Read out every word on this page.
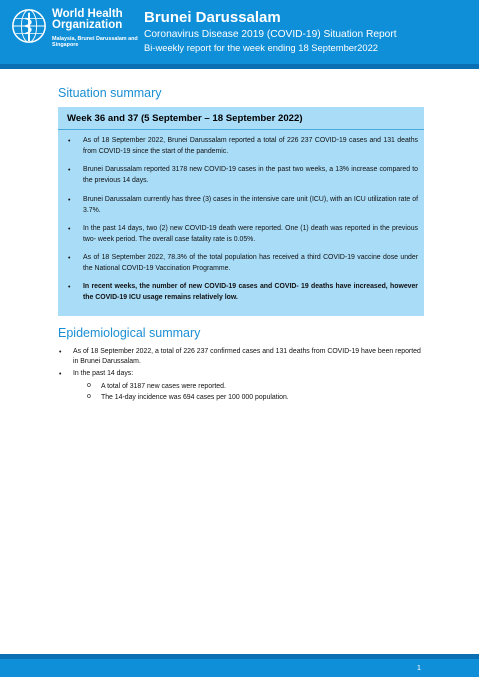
World Health
Organization
Malaysia, Brunei Darussalam and Singapore
Brunei Darussalam
Coronavirus Disease 2019 (COVID-19) Situation Report
Bi-weekly report for the week ending 18 September2022
Situation summary
Week 36 and 37 (5 September – 18 September 2022)
• As of 18 September 2022, Brunei Darussalam reported a total of 226 237 COVID-19 cases and 131 deaths from COVID-19 since the start of the pandemic.
• Brunei Darussalam reported 3178 new COVID-19 cases in the past two weeks, a 13% increase compared to the previous 14 days.
• Brunei Darussalam currently has three (3) cases in the intensive care unit (ICU), with an ICU utilization rate of 3.7%.
• In the past 14 days, two (2) new COVID-19 death were reported. One (1) death was reported in the previous two- week period. The overall case fatality rate is 0.05%.
• As of 18 September 2022, 78.3% of the total population has received a third COVID-19 vaccine dose under the National COVID-19 Vaccination Programme.
• In recent weeks, the number of new COVID-19 cases and COVID- 19 deaths have increased, however the COVID-19 ICU usage remains relatively low.
Epidemiological summary
• As of 18 September 2022, a total of 226 237 confirmed cases and 131 deaths from COVID-19 have been reported in Brunei Darussalam.
• In the past 14 days:
o A total of 3187 new cases were reported.
o The 14-day incidence was 694 cases per 100 000 population.
1
